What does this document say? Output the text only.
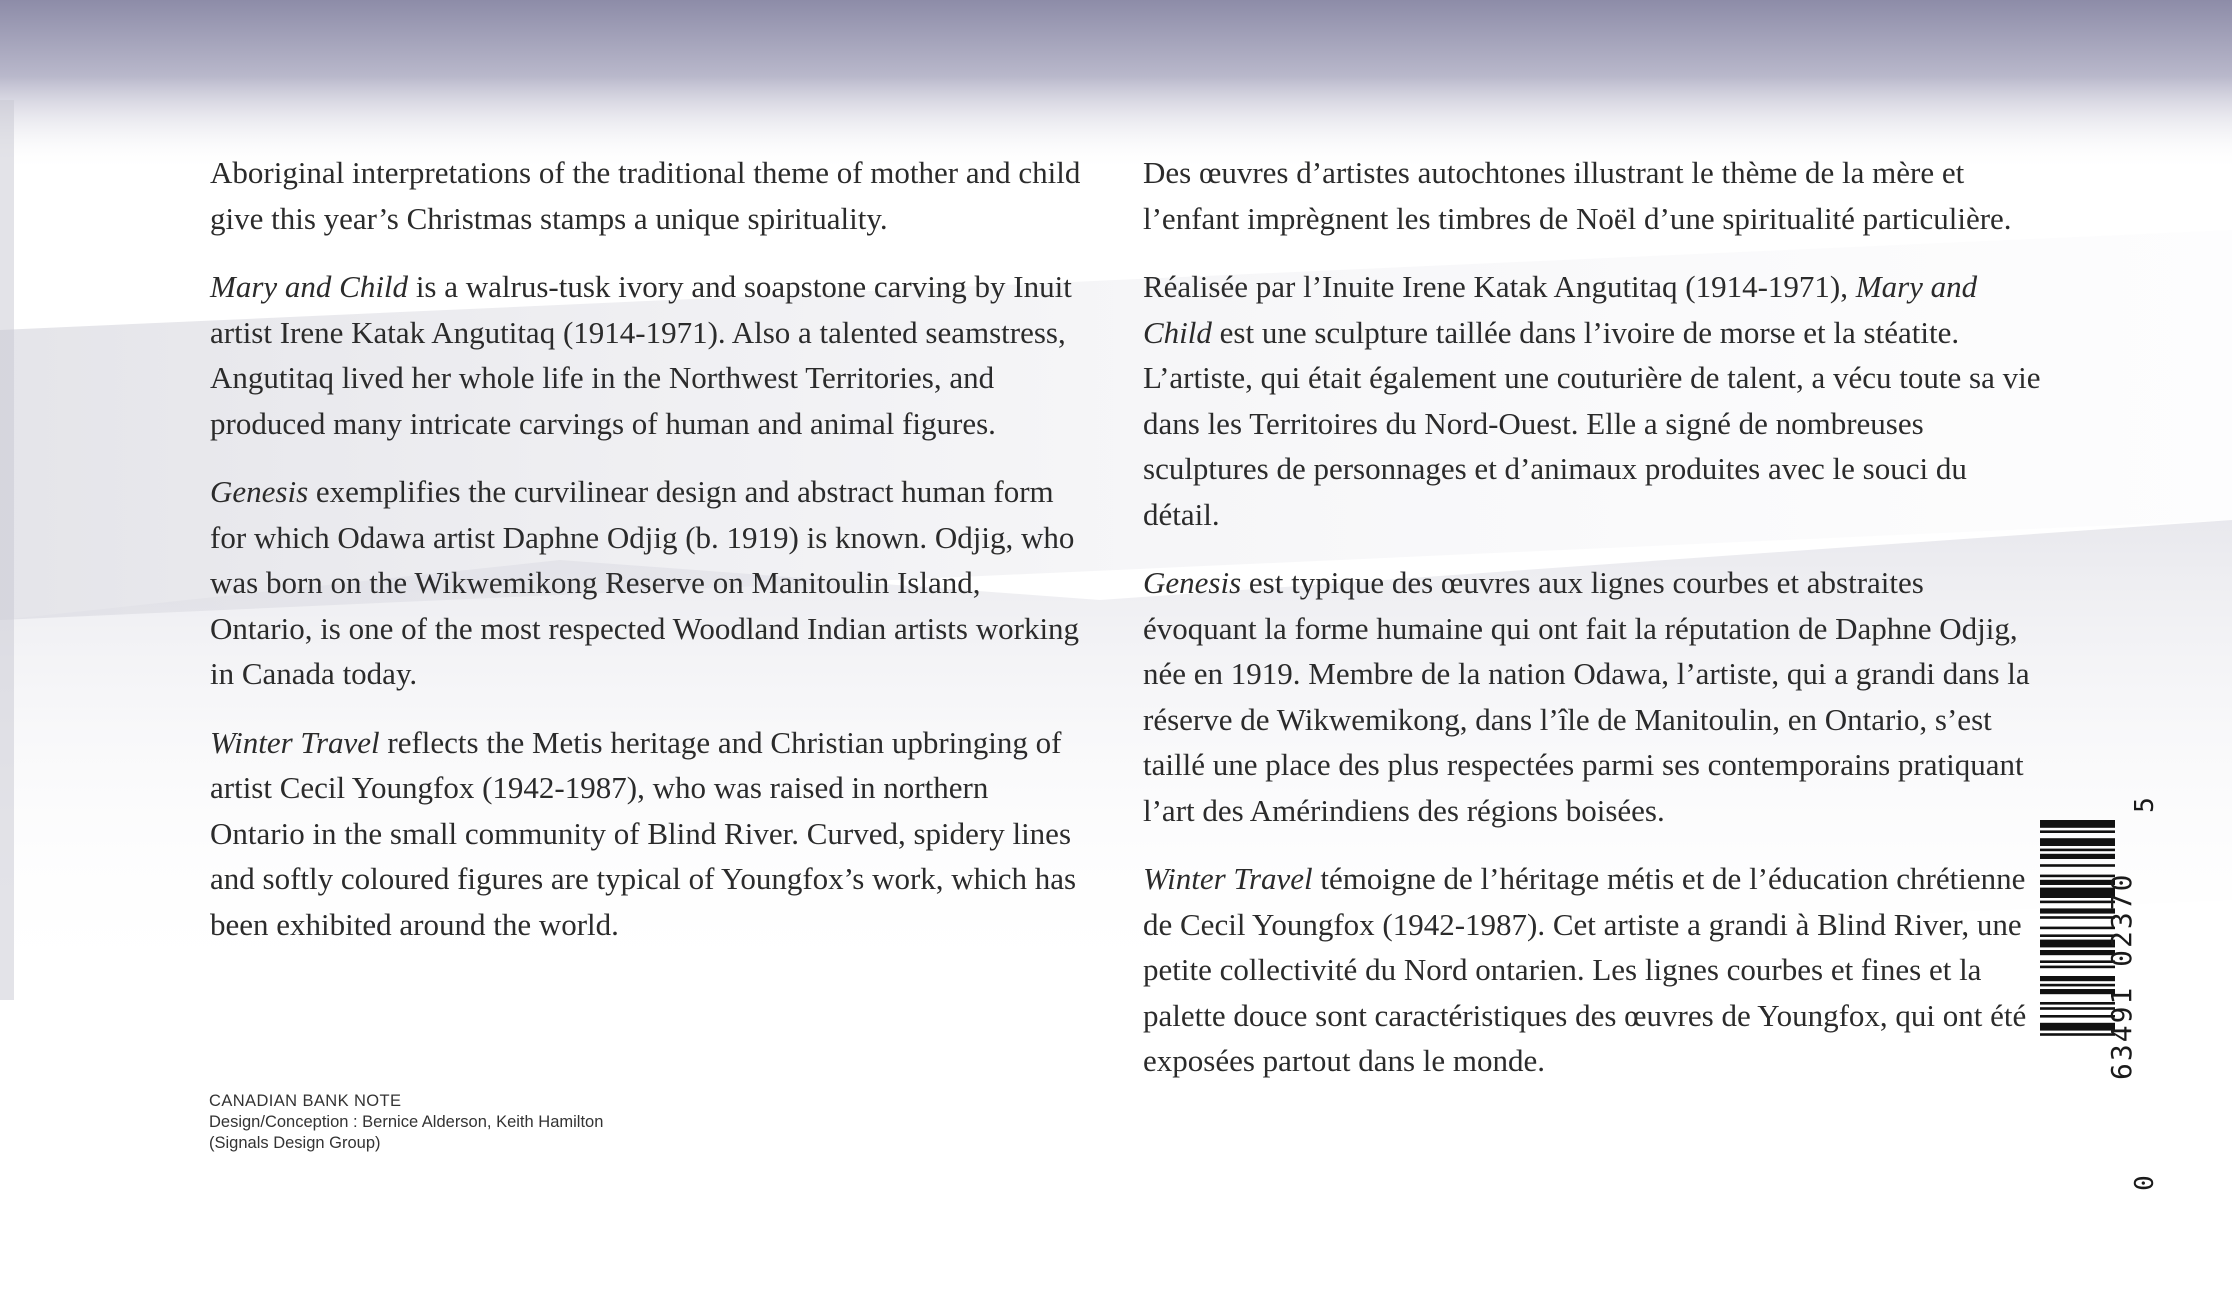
Aboriginal interpretations of the traditional theme of mother and child give this year’s Christmas stamps a unique spirituality.

Mary and Child is a walrus-tusk ivory and soapstone carving by Inuit artist Irene Katak Angutitaq (1914-1971). Also a talented seamstress, Angutitaq lived her whole life in the Northwest Territories, and produced many intricate carvings of human and animal figures.

Genesis exemplifies the curvilinear design and abstract human form for which Odawa artist Daphne Odjig (b. 1919) is known. Odjig, who was born on the Wikwemikong Reserve on Manitoulin Island, Ontario, is one of the most respected Woodland Indian artists working in Canada today.

Winter Travel reflects the Metis heritage and Christian upbringing of artist Cecil Youngfox (1942-1987), who was raised in northern Ontario in the small community of Blind River. Curved, spidery lines and softly coloured figures are typical of Youngfox’s work, which has been exhibited around the world.

Des œuvres d’artistes autochtones illustrant le thème de la mère et l’enfant imprègnent les timbres de Noël d’une spiritualité particulière.

Réalisée par l’Inuite Irene Katak Angutitaq (1914-1971), Mary and Child est une sculpture taillée dans l’ivoire de morse et la stéatite. L’artiste, qui était également une couturière de talent, a vécu toute sa vie dans les Territoires du Nord-Ouest. Elle a signé de nombreuses sculptures de personnages et d’animaux produites avec le souci du détail.

Genesis est typique des œuvres aux lignes courbes et abstraites évoquant la forme humaine qui ont fait la réputation de Daphne Odjig, née en 1919. Membre de la nation Odawa, l’artiste, qui a grandi dans la réserve de Wikwemikong, dans l’île de Manitoulin, en Ontario, s’est taillé une place des plus respectées parmi ses contemporains pratiquant l’art des Amérindiens des régions boisées.

Winter Travel témoigne de l’héritage métis et de l’éducation chrétienne de Cecil Youngfox (1942-1987). Cet artiste a grandi à Blind River, une petite collectivité du Nord ontarien. Les lignes courbes et fines et la palette douce sont caractéristiques des œuvres de Youngfox, qui ont été exposées partout dans le monde.

CANADIAN BANK NOTE
Design/Conception : Bernice Alderson, Keith Hamilton
(Signals Design Group)
5
63491 02370
0
